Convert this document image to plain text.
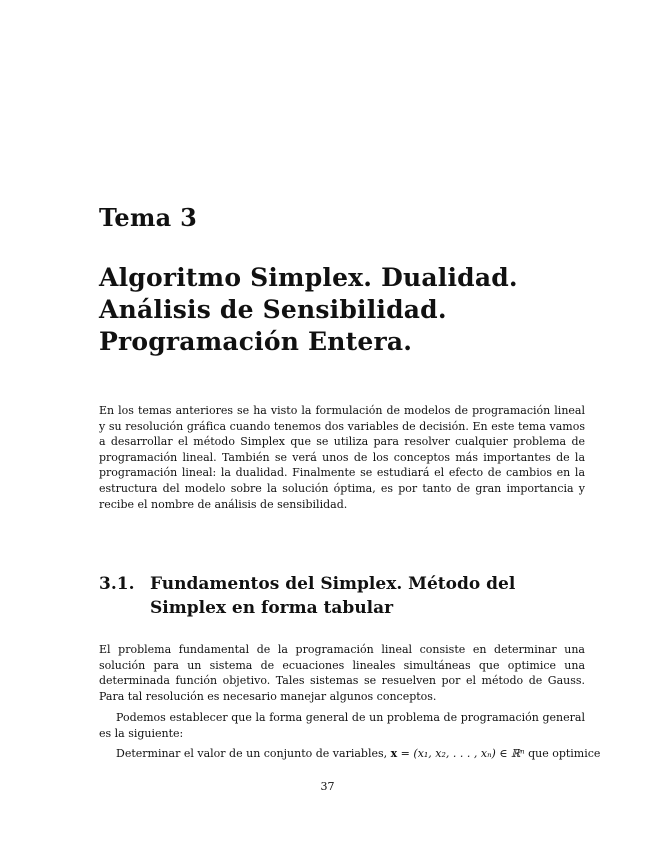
Tema 3
Algoritmo Simplex. Dualidad.
Análisis de Sensibilidad.
Programación Entera.

En los temas anteriores se ha visto la formulación de modelos de programación lineal y su resolución gráfica cuando tenemos dos variables de decisión. En este tema vamos a desarrollar el método Simplex que se utiliza para resolver cualquier problema de programación lineal. También se verá unos de los conceptos más importantes de la programación lineal: la dualidad. Finalmente se estudiará el efecto de cambios en la estructura del modelo sobre la solución óptima, es por tanto de gran importancia y recibe el nombre de análisis de sensibilidad.

3.1. Fundamentos del Simplex. Método del Simplex en forma tabular

El problema fundamental de la programación lineal consiste en determinar una solución para un sistema de ecuaciones lineales simultáneas que optimice una determinada función objetivo. Tales sistemas se resuelven por el método de Gauss. Para tal resolución es necesario manejar algunos conceptos.

Podemos establecer que la forma general de un problema de programación general es la siguiente:

Determinar el valor de un conjunto de variables, x = (x₁, x₂, . . . , xₙ) ∈ ℝⁿ que optimice

37
